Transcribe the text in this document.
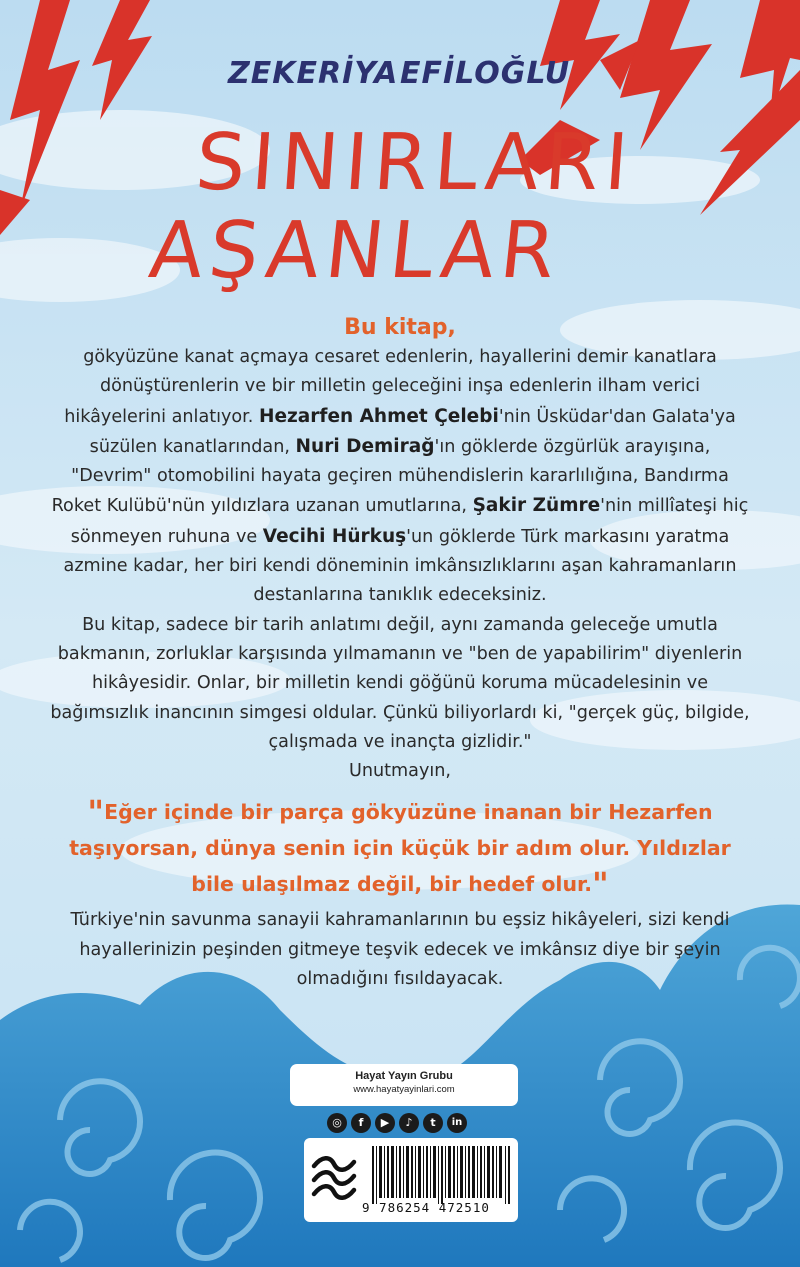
ZEKERİYA EFİLOĞLU
SINIRLARI
AŞANLAR

Bu kitap,

gökyüzüne kanat açmaya cesaret edenlerin, hayallerini demir kanatlara dönüştürenlerin ve bir milletin geleceğini inşa edenlerin ilham verici hikâyelerini anlatıyor. Hezarfen Ahmet Çelebi'nin Üsküdar'dan Galata'ya süzülen kanatlarından, Nuri Demirağ'ın göklerde özgürlük arayışına, "Devrim" otomobilini hayata geçiren mühendislerin kararlılığına, Bandırma Roket Kulübü'nün yıldızlara uzanan umutlarına, Şakir Zümre'nin millîateşi hiç sönmeyen ruhuna ve Vecihi Hürkuş'un göklerde Türk markasını yaratma azmine kadar, her biri kendi döneminin imkânsızlıklarını aşan kahramanların destanlarına tanıklık edeceksiniz.

Bu kitap, sadece bir tarih anlatımı değil, aynı zamanda geleceğe umutla bakmanın, zorluklar karşısında yılmamanın ve "ben de yapabilirim" diyenlerin hikâyesidir. Onlar, bir milletin kendi göğünü koruma mücadelesinin ve bağımsızlık inancının simgesi oldular. Çünkü biliyorlardı ki, "gerçek güç, bilgide, çalışmada ve inançta gizlidir."

Unutmayın,

"Eğer içinde bir parça gökyüzüne inanan bir Hezarfen taşıyorsan, dünya senin için küçük bir adım olur. Yıldızlar bile ulaşılmaz değil, bir hedef olur."

Türkiye'nin savunma sanayii kahramanlarının bu eşsiz hikâyeleri, sizi kendi hayallerinizin peşinden gitmeye teşvik edecek ve imkânsız diye bir şeyin olmadığını fısıldayacak.

Hayat Yayın Grubu
www.hayatyayinlari.com
◎	f	▶	♪	t	in
9 786254 472510
